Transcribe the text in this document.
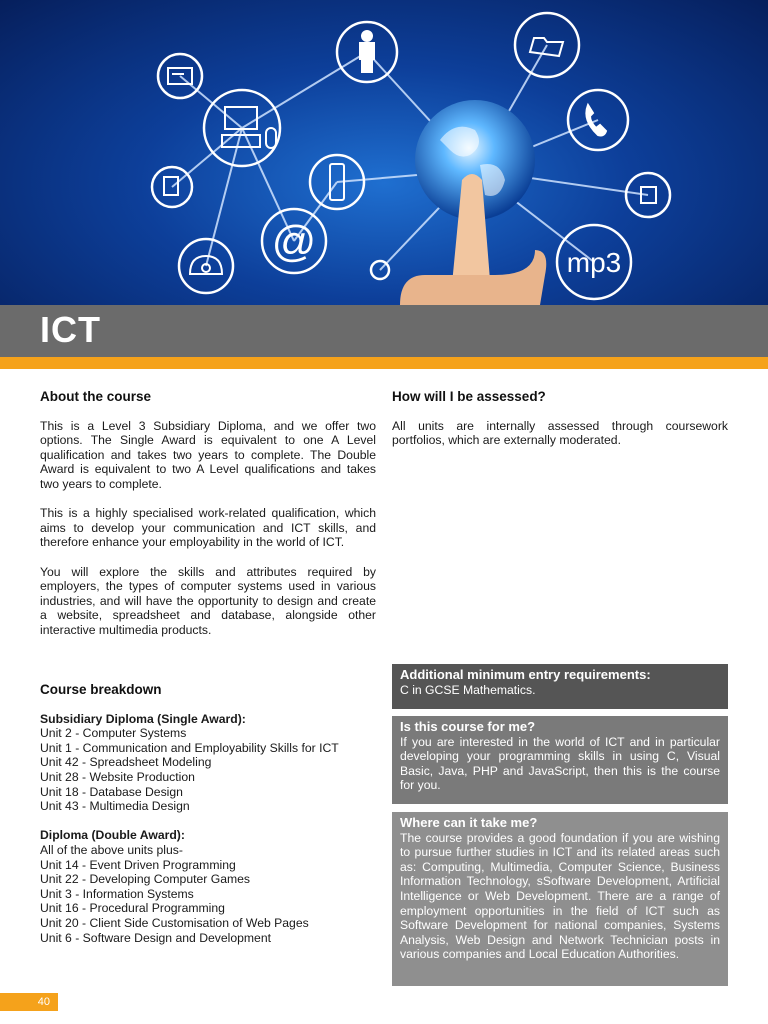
@	mp3
ICT
About the course

This is a Level 3 Subsidiary Diploma, and we offer two options. The Single Award is equivalent to one A Level qualification and takes two years to complete. The Double Award is equivalent to two A Level qualifications and takes two years to complete.

This is a highly specialised work-related qualification, which aims to develop your communication and ICT skills, and therefore enhance your employability in the world of ICT.

You will explore the skills and attributes required by employers, the types of computer systems used in various industries, and will have the opportunity to design and create a website, spreadsheet and database, alongside other interactive multimedia products.

Course breakdown
Subsidiary Diploma (Single Award):
Unit 2 - Computer Systems
Unit 1 - Communication and Employability Skills for ICT
Unit 42 - Spreadsheet Modeling
Unit 28 - Website Production
Unit 18 - Database Design
Unit 43 - Multimedia Design
Diploma (Double Award):
All of the above units plus-
Unit 14 - Event Driven Programming
Unit 22 - Developing Computer Games
Unit 3 - Information Systems
Unit 16 - Procedural Programming
Unit 20 - Client Side Customisation of Web Pages
Unit 6 - Software Design and Development
How will I be assessed?

All units are internally assessed through coursework portfolios, which are externally moderated.

Additional minimum entry requirements:

C in GCSE Mathematics.

Is this course for me?

If you are interested in the world of ICT and in particular developing your programming skills in using C, Visual Basic, Java, PHP and JavaScript, then this is the course for you.

Where can it take me?

The course provides a good foundation if you are wishing to pursue further studies in ICT and its related areas such as: Computing, Multimedia, Computer Science, Business Information Technology, sSoftware Development, Artificial Intelligence or Web Development. There are a range of employment opportunities in the field of ICT such as Software Development for national companies, Systems Analysis, Web Design and Network Technician posts in various companies and Local Education Authorities.

40
